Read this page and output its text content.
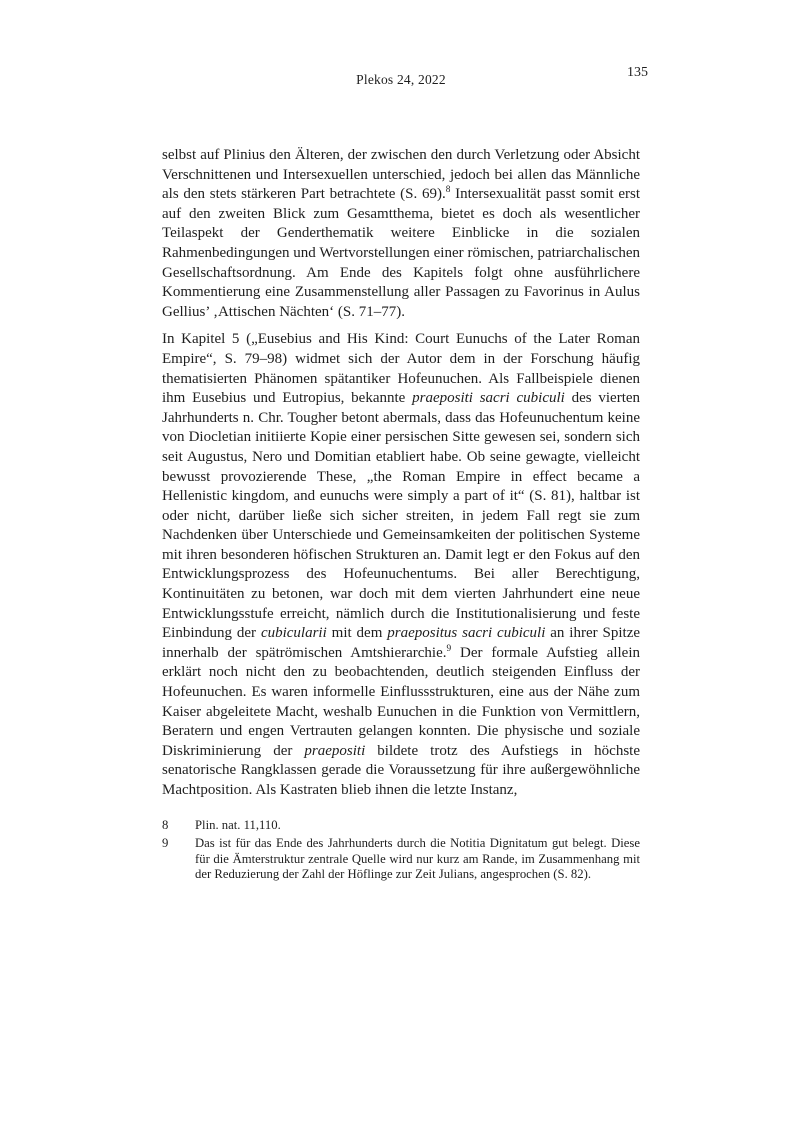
Plekos 24, 2022	135

selbst auf Plinius den Älteren, der zwischen den durch Verletzung oder Absicht Verschnittenen und Intersexuellen unterschied, jedoch bei allen das Männliche als den stets stärkeren Part betrachtete (S. 69).$^8$ Intersexualität passt somit erst auf den zweiten Blick zum Gesamtthema, bietet es doch als wesentlicher Teilaspekt der Genderthematik weitere Einblicke in die sozialen Rahmenbedingungen und Wertvorstellungen einer römischen, patriarchalischen Gesellschaftsordnung. Am Ende des Kapitels folgt ohne ausführlichere Kommentierung eine Zusammenstellung aller Passagen zu Favorinus in Aulus Gellius’ ‚Attischen Nächten‘ (S. 71–77).

In Kapitel 5 („Eusebius and His Kind: Court Eunuchs of the Later Roman Empire“, S. 79–98) widmet sich der Autor dem in der Forschung häufig thematisierten Phänomen spätantiker Hofeunuchen. Als Fallbeispiele dienen ihm Eusebius und Eutropius, bekannte praepositi sacri cubiculi des vierten Jahrhunderts n. Chr. Tougher betont abermals, dass das Hofeunuchentum keine von Diocletian initiierte Kopie einer persischen Sitte gewesen sei, sondern sich seit Augustus, Nero und Domitian etabliert habe. Ob seine gewagte, vielleicht bewusst provozierende These, „the Roman Empire in effect became a Hellenistic kingdom, and eunuchs were simply a part of it“ (S. 81), haltbar ist oder nicht, darüber ließe sich sicher streiten, in jedem Fall regt sie zum Nachdenken über Unterschiede und Gemeinsamkeiten der politischen Systeme mit ihren besonderen höfischen Strukturen an. Damit legt er den Fokus auf den Entwicklungsprozess des Hofeunuchentums. Bei aller Berechtigung, Kontinuitäten zu betonen, war doch mit dem vierten Jahrhundert eine neue Entwicklungsstufe erreicht, nämlich durch die Institutionalisierung und feste Einbindung der cubicularii mit dem praepositus sacri cubiculi an ihrer Spitze innerhalb der spätrömischen Amtshierarchie.$^9$ Der formale Aufstieg allein erklärt noch nicht den zu beobachtenden, deutlich steigenden Einfluss der Hofeunuchen. Es waren informelle Einflussstrukturen, eine aus der Nähe zum Kaiser abgeleitete Macht, weshalb Eunuchen in die Funktion von Vermittlern, Beratern und engen Vertrauten gelangen konnten. Die physische und soziale Diskriminierung der praepositi bildete trotz des Aufstiegs in höchste senatorische Rangklassen gerade die Voraussetzung für ihre außergewöhnliche Machtposition. Als Kastraten blieb ihnen die letzte Instanz,

8	Plin. nat. 11,110.
9	Das ist für das Ende des Jahrhunderts durch die Notitia Dignitatum gut belegt. Diese für die Ämterstruktur zentrale Quelle wird nur kurz am Rande, im Zusammenhang mit der Reduzierung der Zahl der Höflinge zur Zeit Julians, angesprochen (S. 82).
